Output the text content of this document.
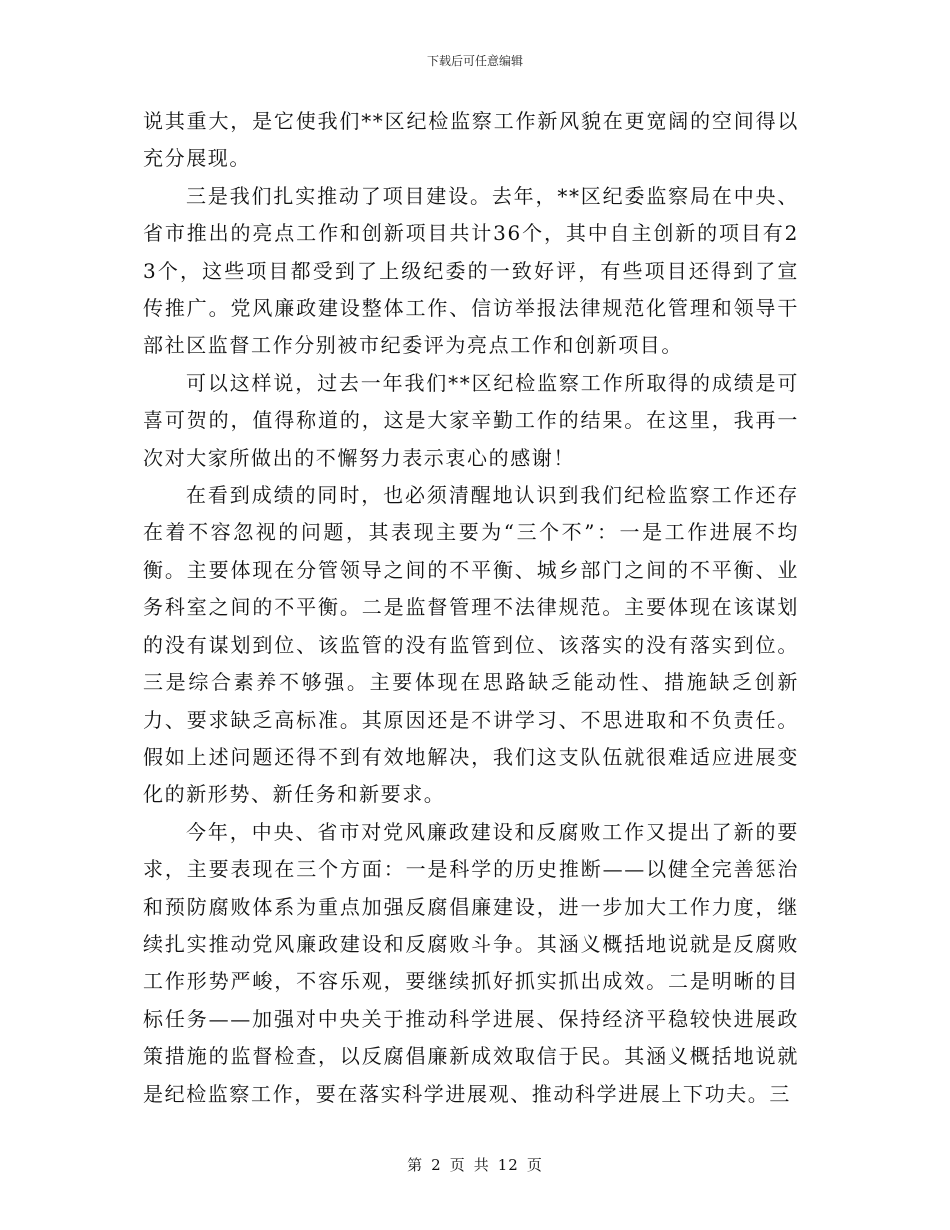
下载后可任意编辑

说其重大，是它使我们**区纪检监察工作新风貌在更宽阔的空间得以充分展现。

三是我们扎实推动了项目建设。去年，**区纪委监察局在中央、省市推出的亮点工作和创新项目共计36个，其中自主创新的项目有23个，这些项目都受到了上级纪委的一致好评，有些项目还得到了宣传推广。党风廉政建设整体工作、信访举报法律规范化管理和领导干部社区监督工作分别被市纪委评为亮点工作和创新项目。

可以这样说，过去一年我们**区纪检监察工作所取得的成绩是可喜可贺的，值得称道的，这是大家辛勤工作的结果。在这里，我再一次对大家所做出的不懈努力表示衷心的感谢！

在看到成绩的同时，也必须清醒地认识到我们纪检监察工作还存在着不容忽视的问题，其表现主要为“三个不”：一是工作进展不均衡。主要体现在分管领导之间的不平衡、城乡部门之间的不平衡、业务科室之间的不平衡。二是监督管理不法律规范。主要体现在该谋划的没有谋划到位、该监管的没有监管到位、该落实的没有落实到位。三是综合素养不够强。主要体现在思路缺乏能动性、措施缺乏创新力、要求缺乏高标准。其原因还是不讲学习、不思进取和不负责任。假如上述问题还得不到有效地解决，我们这支队伍就很难适应进展变化的新形势、新任务和新要求。

今年，中央、省市对党风廉政建设和反腐败工作又提出了新的要求，主要表现在三个方面：一是科学的历史推断——以健全完善惩治和预防腐败体系为重点加强反腐倡廉建设，进一步加大工作力度，继续扎实推动党风廉政建设和反腐败斗争。其涵义概括地说就是反腐败工作形势严峻，不容乐观，要继续抓好抓实抓出成效。二是明晰的目标任务——加强对中央关于推动科学进展、保持经济平稳较快进展政策措施的监督检查，以反腐倡廉新成效取信于民。其涵义概括地说就是纪检监察工作，要在落实科学进展观、推动科学进展上下功夫。三

第 2 页 共 12 页
